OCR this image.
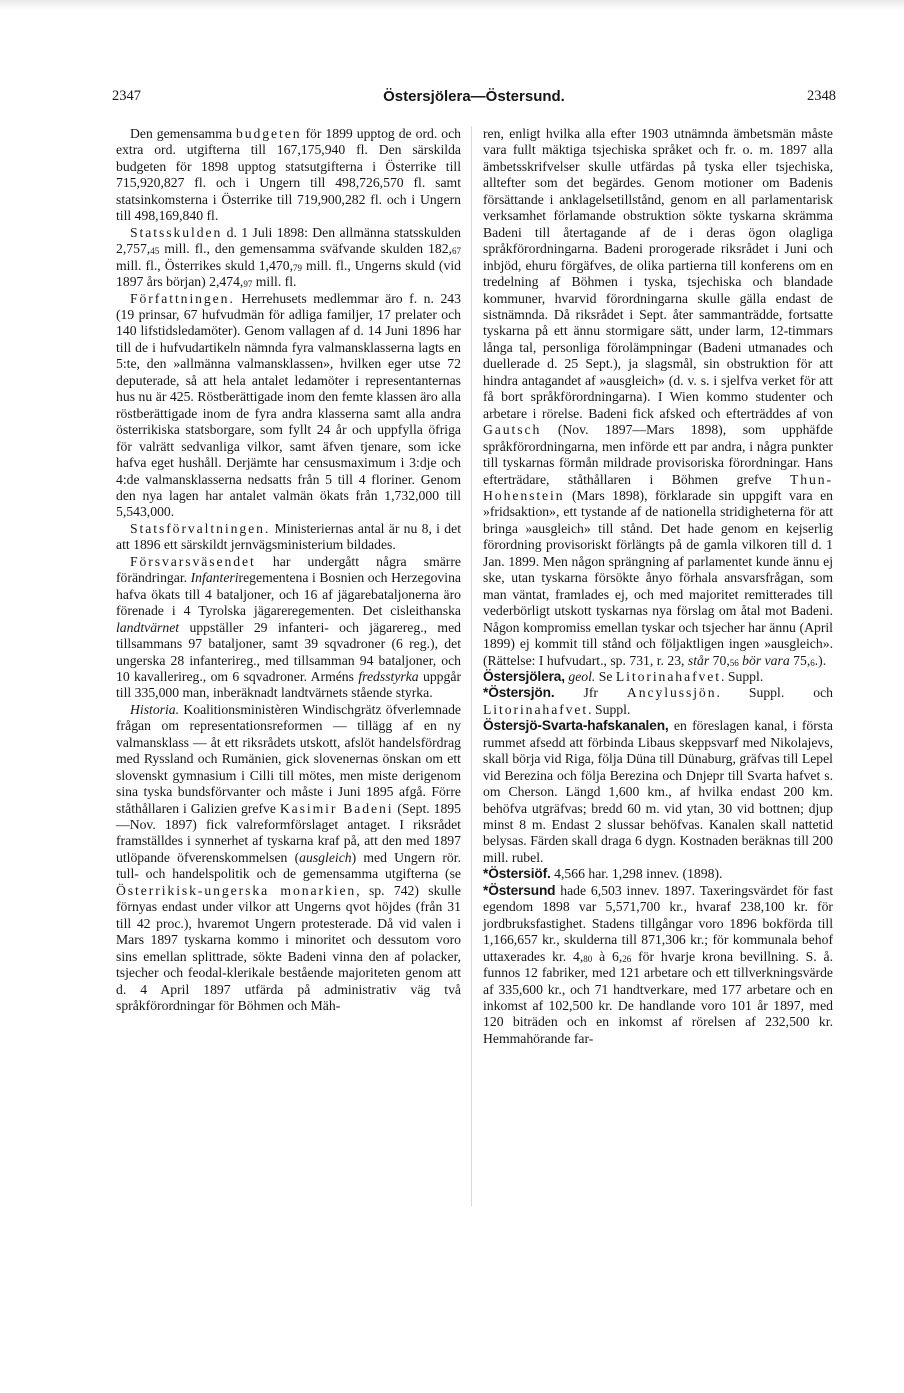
2347	Östersjölera—Östersund.	2348

Den gemensamma budgeten för 1899 upptog de ord. och extra ord. utgifterna till 167,175,940 fl. Den särskilda budgeten för 1898 upptog statsutgifterna i Österrike till 715,920,827 fl. och i Ungern till 498,726,570 fl. samt statsinkomsterna i Österrike till 719,900,282 fl. och i Ungern till 498,169,840 fl.

Statsskulden d. 1 Juli 1898: Den allmänna statsskulden $2,757,_{45}$ mill. fl., den gemensamma sväfvande skulden $182,_{67}$ mill. fl., Österrikes skuld $1,470,_{79}$ mill. fl., Ungerns skuld (vid 1897 års början) $2,474,_{97}$ mill. fl.

Författningen. Herrehusets medlemmar äro f. n. 243 (19 prinsar, 67 hufvudmän för adliga familjer, 17 prelater och 140 lifstidsledamöter). Genom vallagen af d. 14 Juni 1896 har till de i hufvudartikeln nämnda fyra valmansklasserna lagts en 5:te, den »allmänna valmansklassen», hvilken eger utse 72 deputerade, så att hela antalet ledamöter i representanternas hus nu är 425. Röstberättigade inom den femte klassen äro alla röstberättigade inom de fyra andra klasserna samt alla andra österrikiska statsborgare, som fyllt 24 år och uppfylla öfriga för valrätt sedvanliga vilkor, samt äfven tjenare, som icke hafva eget hushåll. Derjämte har censusmaximum i 3:dje och 4:de valmansklasserna nedsatts från 5 till 4 floriner. Genom den nya lagen har antalet valmän ökats från 1,732,000 till 5,543,000.

Statsförvaltningen. Ministeriernas antal är nu 8, i det att 1896 ett särskildt jernvägsministerium bildades.

Försvarsväsendet har undergått några smärre förändringar. Infanteriregementena i Bosnien och Herzegovina hafva ökats till 4 bataljoner, och 16 af jägarebataljonerna äro förenade i 4 Tyrolska jägareregementen. Det cisleithanska landtvärnet uppställer 29 infanteri- och jägarereg., med tillsammans 97 bataljoner, samt 39 sqvadroner (6 reg.), det ungerska 28 infanterireg., med tillsamman 94 bataljoner, och 10 kavallerireg., om 6 sqvadroner. Arméns fredsstyrka uppgår till 335,000 man, inberäknadt landtvärnets stående styrka.

Historia. Koalitionsministèren Windischgrätz öfverlemnade frågan om representationsreformen — tillägg af en ny valmansklass — åt ett riksrådets utskott, afslöt handelsfördrag med Ryssland och Rumänien, gick slovenernas önskan om ett slovenskt gymnasium i Cilli till mötes, men miste derigenom sina tyska bundsförvanter och måste i Juni 1895 afgå. Förre ståthållaren i Galizien grefve Kasimir Badeni (Sept. 1895—Nov. 1897) fick valreformförslaget antaget. I riksrådet framställdes i synnerhet af tyskarna kraf på, att den med 1897 utlöpande öfverenskommelsen (ausgleich) med Ungern rör. tull- och handelspolitik och de gemensamma utgifterna (se Österrikisk-ungerska monarkien, sp. 742) skulle förnyas endast under vilkor att Ungerns qvot höjdes (från 31 till 42 proc.), hvaremot Ungern protesterade. Då vid valen i Mars 1897 tyskarna kommo i minoritet och dessutom voro sins emellan splittrade, sökte Badeni vinna den af polacker, tsjecher och feodal-klerikale bestående majoriteten genom att d. 4 April 1897 utfärda på administrativ väg två språkförordningar för Böhmen och Mäh-

ren, enligt hvilka alla efter 1903 utnämnda ämbetsmän måste vara fullt mäktiga tsjechiska språket och fr. o. m. 1897 alla ämbetsskrifvelser skulle utfärdas på tyska eller tsjechiska, alltefter som det begärdes. Genom motioner om Badenis försättande i anklagelsetillstånd, genom en all parlamentarisk verksamhet förlamande obstruktion sökte tyskarna skrämma Badeni till återtagande af de i deras ögon olagliga språkförordningarna. Badeni prorogerade riksrådet i Juni och inbjöd, ehuru förgäfves, de olika partierna till konferens om en tredelning af Böhmen i tyska, tsjechiska och blandade kommuner, hvarvid förordningarna skulle gälla endast de sistnämnda. Då riksrådet i Sept. åter sammanträdde, fortsatte tyskarna på ett ännu stormigare sätt, under larm, 12-timmars långa tal, personliga förolämpningar (Badeni utmanades och duellerade d. 25 Sept.), ja slagsmål, sin obstruktion för att hindra antagandet af »ausgleich» (d. v. s. i sjelfva verket för att få bort språkförordningarna). I Wien kommo studenter och arbetare i rörelse. Badeni fick afsked och efterträddes af von Gautsch (Nov. 1897—Mars 1898), som upphäfde språkförordningarna, men införde ett par andra, i några punkter till tyskarnas förmån mildrade provisoriska förordningar. Hans efterträdare, ståthållaren i Böhmen grefve Thun-Hohenstein (Mars 1898), förklarade sin uppgift vara en »fridsaktion», ett tystande af de nationella stridigheterna för att bringa »ausgleich» till stånd. Det hade genom en kejserlig förordning provisoriskt förlängts på de gamla vilkoren till d. 1 Jan. 1899. Men någon sprängning af parlamentet kunde ännu ej ske, utan tyskarna försökte ånyo förhala ansvarsfrågan, som man väntat, framlades ej, och med majoritet remitterades till vederbörligt utskott tyskarnas nya förslag om åtal mot Badeni. Någon kompromiss emellan tyskar och tsjecher har ännu (April 1899) ej kommit till stånd och följaktligen ingen »ausgleich». (Rättelse: I hufvudart., sp. 731, r. 23, står $70,_{56}$ bör vara $75,_6$.).

Östersjölera, geol. Se Litorinahafvet. Suppl.

*Östersjön. Jfr Ancylussjön. Suppl. och Litorinahafvet. Suppl.

Östersjö-Svarta-hafskanalen, en föreslagen kanal, i första rummet afsedd att förbinda Libaus skeppsvarf med Nikolajevs, skall börja vid Riga, följa Düna till Dünaburg, gräfvas till Lepel vid Berezina och följa Berezina och Dnjepr till Svarta hafvet s. om Cherson. Längd 1,600 km., af hvilka endast 200 km. behöfva utgräfvas; bredd 60 m. vid ytan, 30 vid bottnen; djup minst 8 m. Endast 2 slussar behöfvas. Kanalen skall nattetid belysas. Färden skall draga 6 dygn. Kostnaden beräknas till 200 mill. rubel.

*Östersiöf. 4,566 har. 1,298 innev. (1898).

*Östersund hade 6,503 innev. 1897. Taxeringsvärdet för fast egendom 1898 var 5,571,700 kr., hvaraf 238,100 kr. för jordbruksfastighet. Stadens tillgångar voro 1896 bokförda till 1,166,657 kr., skulderna till 871,306 kr.; för kommunala behof uttaxerades kr. $4,_{80}$ à $6,_{26}$ för hvarje krona bevillning. S. å. funnos 12 fabriker, med 121 arbetare och ett tillverkningsvärde af 335,600 kr., och 71 handtverkare, med 177 arbetare och en inkomst af 102,500 kr. De handlande voro 101 år 1897, med 120 biträden och en inkomst af rörelsen af 232,500 kr. Hemmahörande far-
